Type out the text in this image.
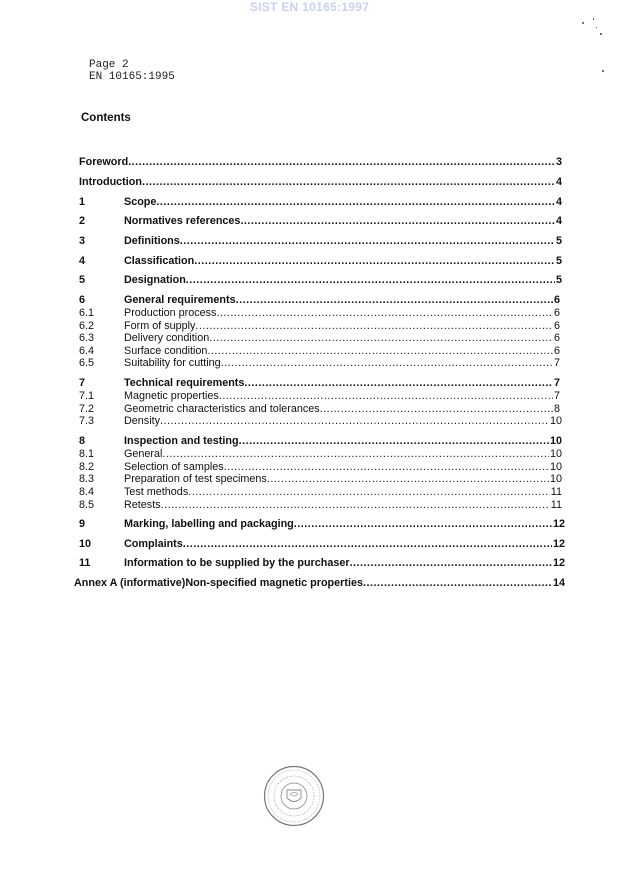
SIST EN 10165:1997
Page 2
EN 10165:1995
Contents
Foreword .....	3
Introduction .....	4
1	Scope .....	4
2	Normatives references .....	4
3	Definitions .....	5
4	Classification .....	5
5	Designation .....	5
6	General requirements .....	6
6.1	Production process .....	6
6.2	Form of supply .....	6
6.3	Delivery condition .....	6
6.4	Surface condition .....	6
6.5	Suitability for cutting .....	7
7	Technical requirements .....	7
7.1	Magnetic properties .....	7
7.2	Geometric characteristics and tolerances .....	8
7.3	Density .....	10
8	Inspection and testing .....	10
8.1	General .....	10
8.2	Selection of samples .....	10
8.3	Preparation of test specimens .....	10
8.4	Test methods .....	11
8.5	Retests .....	11
9	Marking, labelling and packaging .....	12
10	Complaints .....	12
11	Information to be supplied by the purchaser .....	12
Annex A (informative)Non-specified magnetic properties .....	14
